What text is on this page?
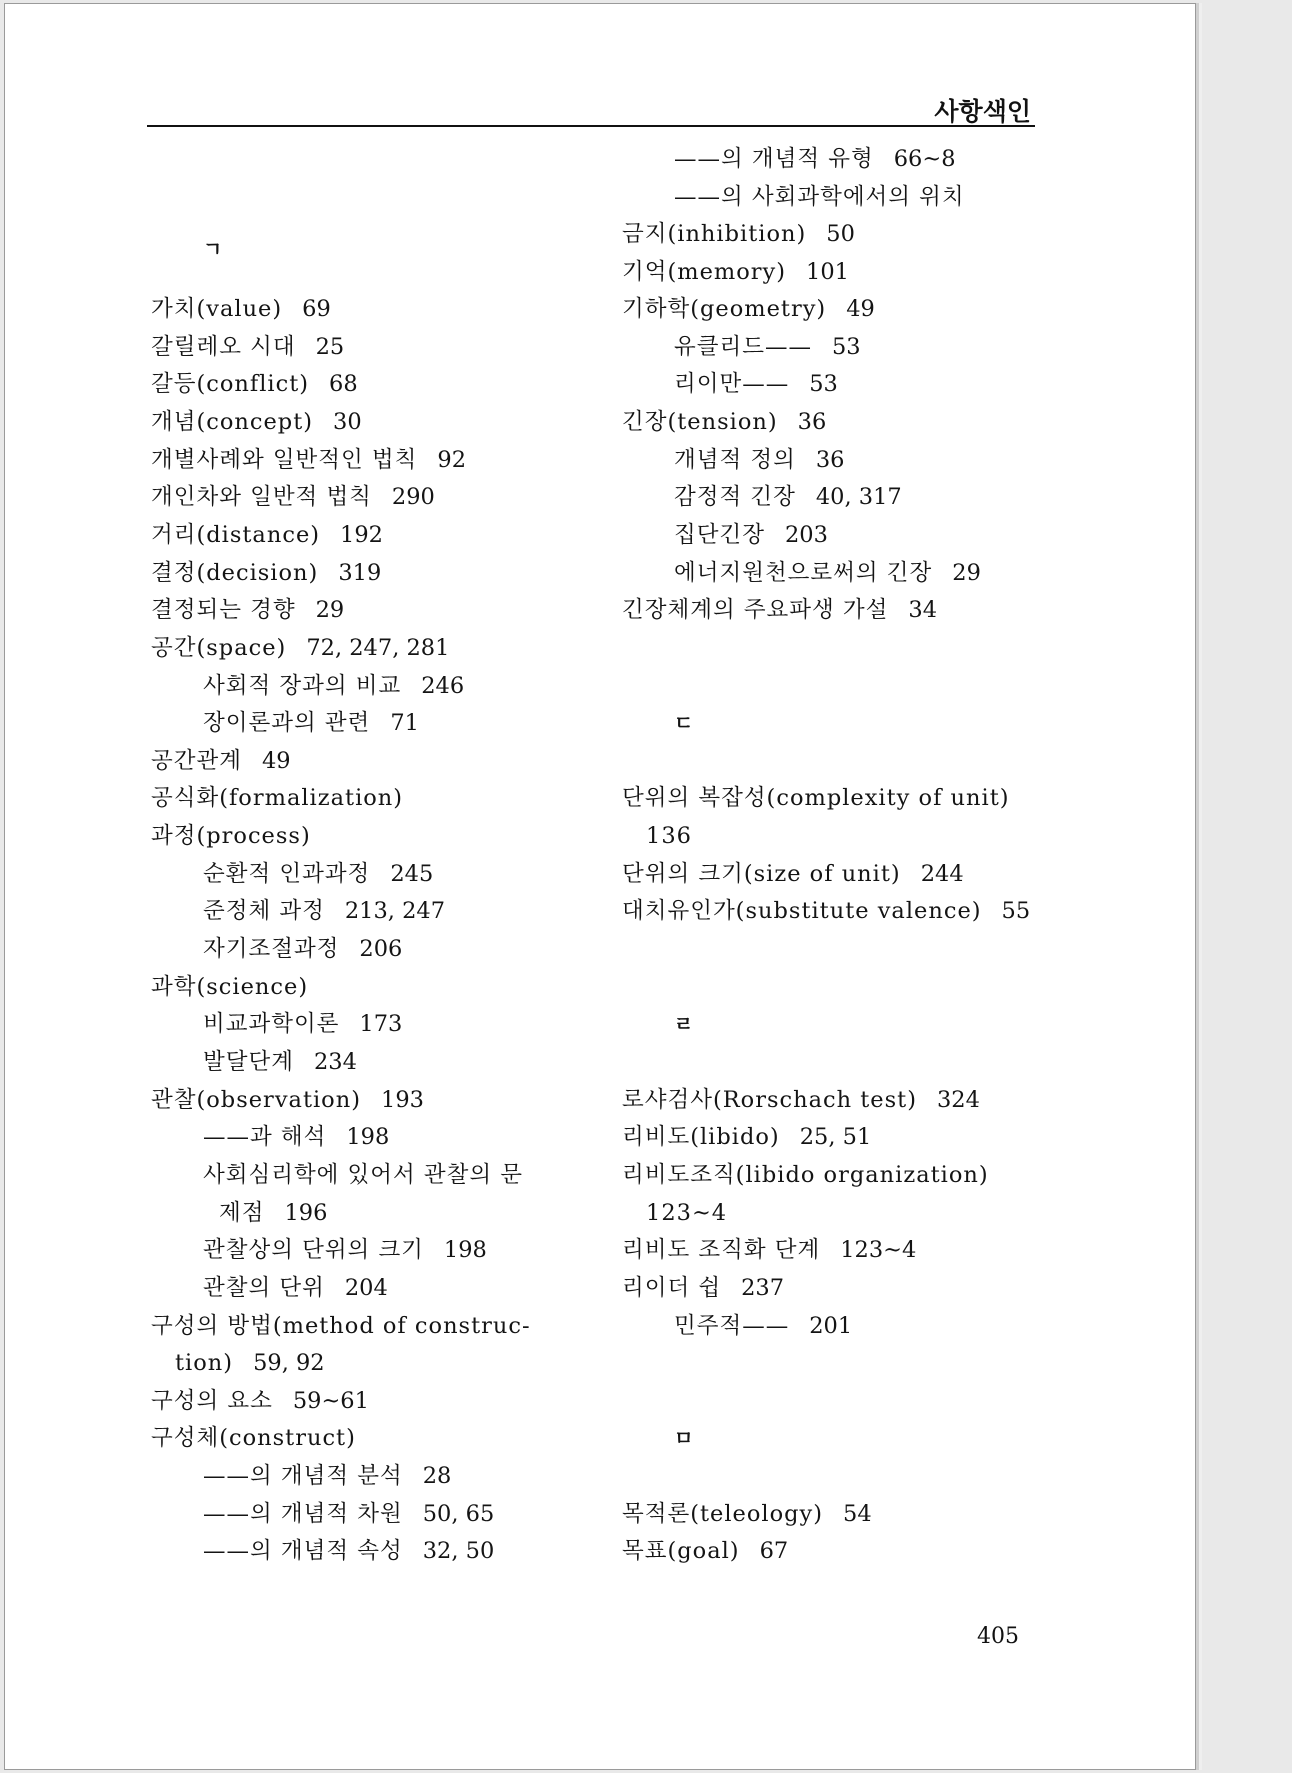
사항색인
ㄱ
가치(value) 69
갈릴레오 시대 25
갈등(conflict) 68
개념(concept) 30
개별사례와 일반적인 법칙 92
개인차와 일반적 법칙 290
거리(distance) 192
결정(decision) 319
결정되는 경향 29
공간(space) 72, 247, 281
사회적 장과의 비교 246
장이론과의 관련 71
공간관계 49
공식화(formalization)
과정(process)
순환적 인과과정 245
준정체 과정 213, 247
자기조절과정 206
과학(science)
비교과학이론 173
발달단계 234
관찰(observation) 193
——과 해석 198
사회심리학에 있어서 관찰의 문
제점 196
관찰상의 단위의 크기 198
관찰의 단위 204
구성의 방법(method of construc-
tion) 59, 92
구성의 요소 59~61
구성체(construct)
——의 개념적 분석 28
——의 개념적 차원 50, 65
——의 개념적 속성 32, 50
——의 개념적 유형 66~8
——의 사회과학에서의 위치
금지(inhibition) 50
기억(memory) 101
기하학(geometry) 49
유클리드—— 53
리이만—— 53
긴장(tension) 36
개념적 정의 36
감정적 긴장 40, 317
집단긴장 203
에너지원천으로써의 긴장 29
긴장체계의 주요파생 가설 34
ㄷ
단위의 복잡성(complexity of unit)
136
단위의 크기(size of unit) 244
대치유인가(substitute valence) 55
ㄹ
로샤검사(Rorschach test) 324
리비도(libido) 25, 51
리비도조직(libido organization)
123~4
리비도 조직화 단계 123~4
리이더 쉽 237
민주적—— 201
ㅁ
목적론(teleology) 54
목표(goal) 67
405
